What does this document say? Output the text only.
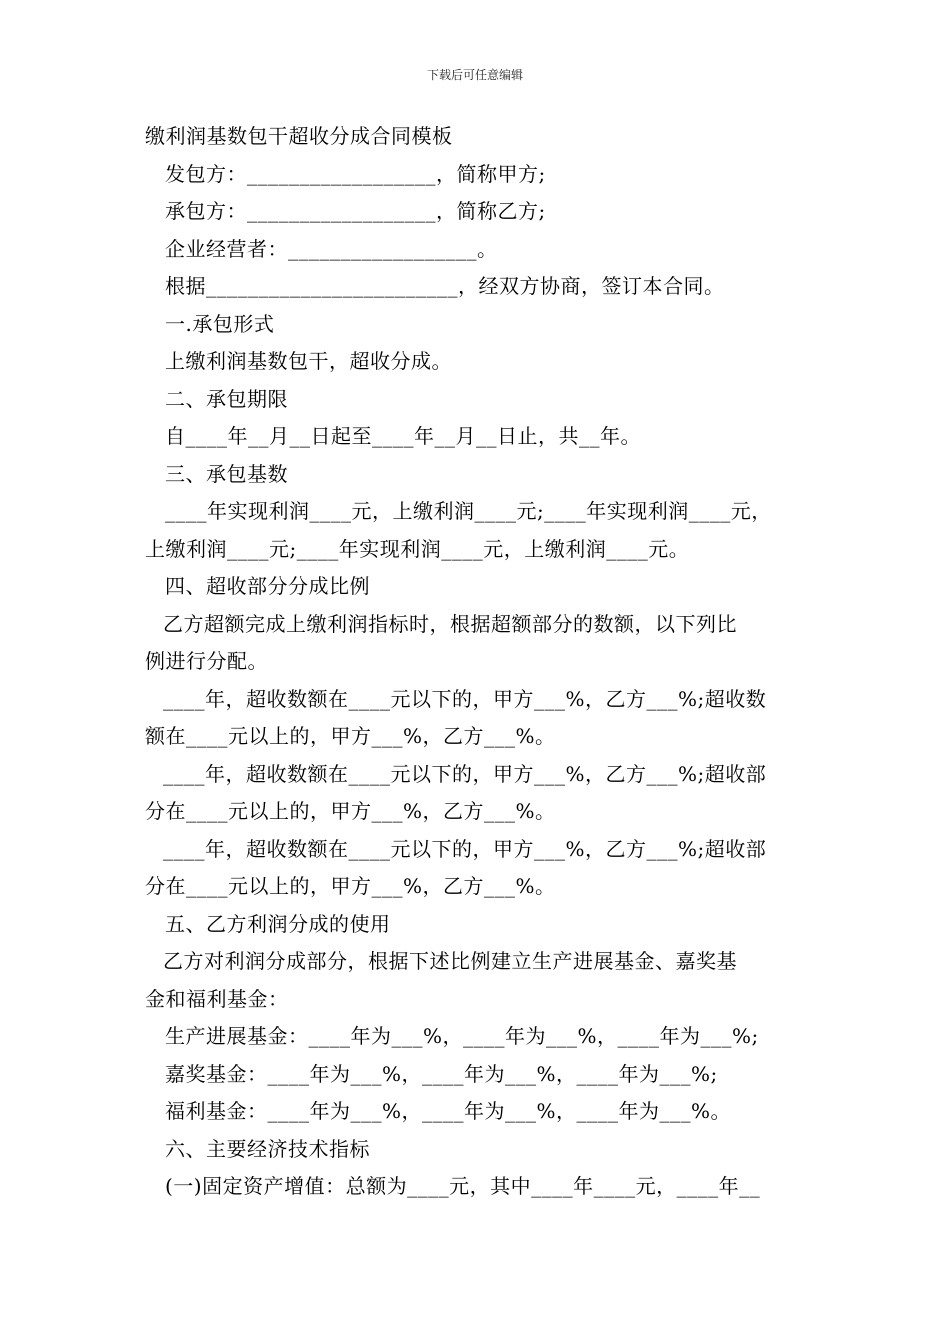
下载后可任意编辑
缴利润基数包干超收分成合同模板
发包方：__________________，简称甲方;
承包方：__________________，简称乙方;
企业经营者：__________________。
根据________________________，经双方协商，签订本合同。
一.承包形式
上缴利润基数包干，超收分成。
二、承包期限
自____年__月__日起至____年__月__日止，共__年。
三、承包基数
____年实现利润____元，上缴利润____元;____年实现利润____元，
上缴利润____元;____年实现利润____元，上缴利润____元。
四、超收部分分成比例
乙方超额完成上缴利润指标时，根据超额部分的数额，以下列比
例进行分配。
____年，超收数额在____元以下的，甲方___%，乙方___%;超收数
额在____元以上的，甲方___%，乙方___%。
____年，超收数额在____元以下的，甲方___%，乙方___%;超收部
分在____元以上的，甲方___%，乙方___%。
____年，超收数额在____元以下的，甲方___%，乙方___%;超收部
分在____元以上的，甲方___%，乙方___%。
五、乙方利润分成的使用
乙方对利润分成部分，根据下述比例建立生产进展基金、嘉奖基
金和福利基金：
生产进展基金：____年为___%，____年为___%，____年为___%;
嘉奖基金：____年为___%，____年为___%，____年为___%;
福利基金：____年为___%，____年为___%，____年为___%。
六、主要经济技术指标
(一)固定资产增值：总额为____元，其中____年____元，____年__
